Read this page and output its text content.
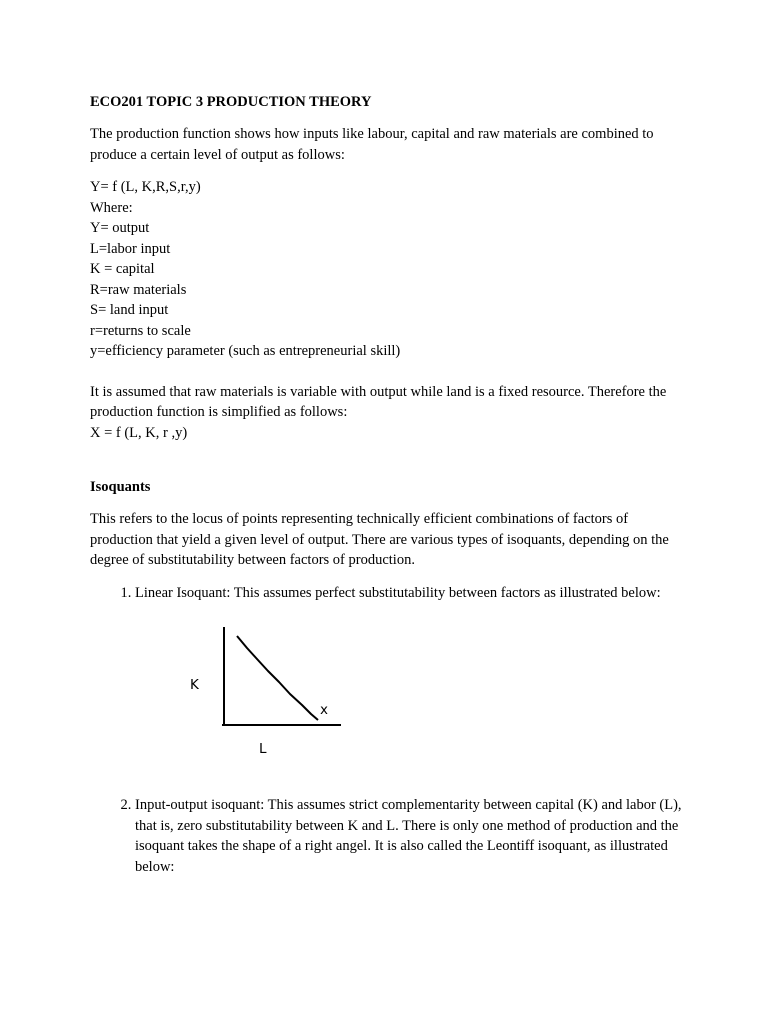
ECO201 TOPIC 3 PRODUCTION THEORY

The production function shows how inputs like labour, capital and raw materials are combined to produce a certain level of output as follows:

Y= f (L, K,R,S,r,y)
Where:
Y= output
L=labor input
K = capital
R=raw materials
S= land input
r=returns to scale
y=efficiency parameter (such as entrepreneurial skill)

It is assumed that raw materials is variable with output while land is a fixed resource. Therefore the production function is simplified as follows:

X = f (L, K, r ,y)
Isoquants

This refers to the locus of points representing technically efficient combinations of factors of production that yield a given level of output. There are various types of isoquants, depending on the degree of substitutability between factors of production.

1. Linear Isoquant: This assumes perfect substitutability between factors as illustrated below:
K
x
L
2. Input-output isoquant: This assumes strict complementarity between capital (K) and labor (L), that is, zero substitutability between K and L. There is only one method of production and the isoquant takes the shape of a right angel. It is also called the Leontiff isoquant, as illustrated below:
